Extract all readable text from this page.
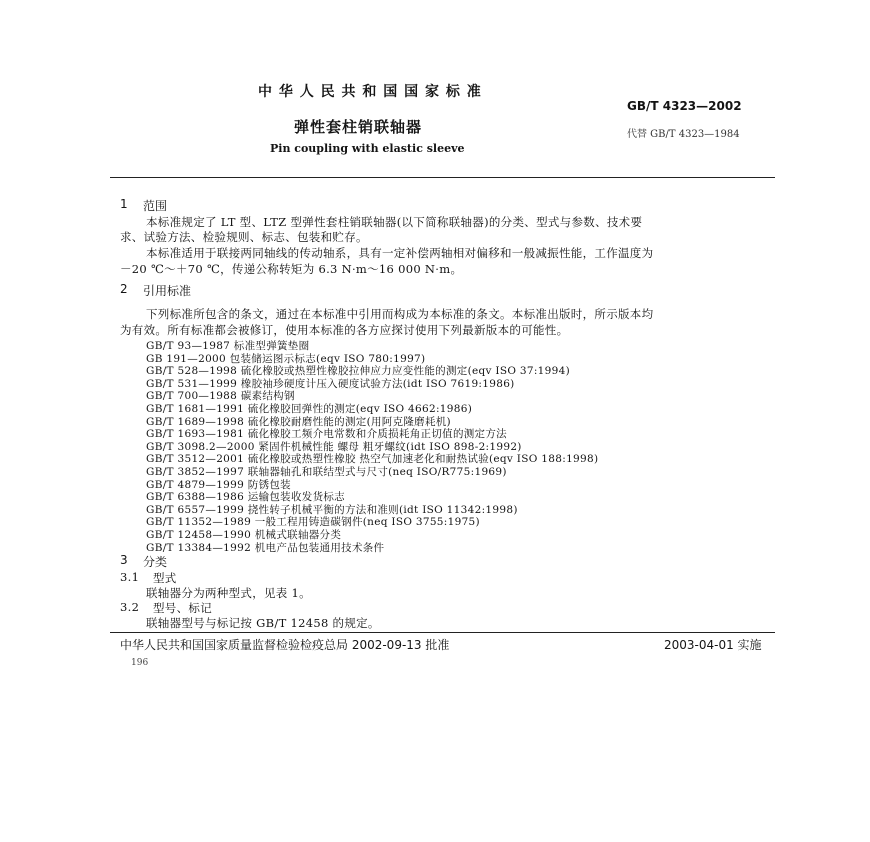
中 华 人 民 共 和 国 国 家 标 准
GB/T 4323—2002
弹性套柱销联轴器	代替 GB/T 4323—1984
Pin coupling with elastic sleeve
1 范围
本标准规定了 LT 型、LTZ 型弹性套柱销联轴器(以下简称联轴器)的分类、型式与参数、技术要
求、试验方法、检验规则、标志、包装和贮存。
本标准适用于联接两同轴线的传动轴系，具有一定补偿两轴相对偏移和一般减振性能，工作温度为
－20 ℃～＋70 ℃，传递公称转矩为 6.3 N·m～16 000 N·m。
2 引用标准
下列标准所包含的条文，通过在本标准中引用而构成为本标准的条文。本标准出版时，所示版本均
为有效。所有标准都会被修订，使用本标准的各方应探讨使用下列最新版本的可能性。
GB/T 93—1987 标准型弹簧垫圈
GB 191—2000 包装储运图示标志(eqv ISO 780:1997)
GB/T 528—1998 硫化橡胶或热塑性橡胶拉伸应力应变性能的测定(eqv ISO 37:1994)
GB/T 531—1999 橡胶袖珍硬度计压入硬度试验方法(idt ISO 7619:1986)
GB/T 700—1988 碳素结构钢
GB/T 1681—1991 硫化橡胶回弹性的测定(eqv ISO 4662:1986)
GB/T 1689—1998 硫化橡胶耐磨性能的测定(用阿克隆磨耗机)
GB/T 1693—1981 硫化橡胶工频介电常数和介质损耗角正切值的测定方法
GB/T 3098.2—2000 紧固件机械性能 螺母 粗牙螺纹(idt ISO 898-2:1992)
GB/T 3512—2001 硫化橡胶或热塑性橡胶 热空气加速老化和耐热试验(eqv ISO 188:1998)
GB/T 3852—1997 联轴器轴孔和联结型式与尺寸(neq ISO/R775:1969)
GB/T 4879—1999 防锈包装
GB/T 6388—1986 运输包装收发货标志
GB/T 6557—1999 挠性转子机械平衡的方法和准则(idt ISO 11342:1998)
GB/T 11352—1989 一般工程用铸造碳钢件(neq ISO 3755:1975)
GB/T 12458—1990 机械式联轴器分类
GB/T 13384—1992 机电产品包装通用技术条件
3 分类
3.1 型式
联轴器分为两种型式，见表 1。
3.2 型号、标记
联轴器型号与标记按 GB/T 12458 的规定。
中华人民共和国国家质量监督检验检疫总局 2002-09-13 批准	2003-04-01 实施
196
